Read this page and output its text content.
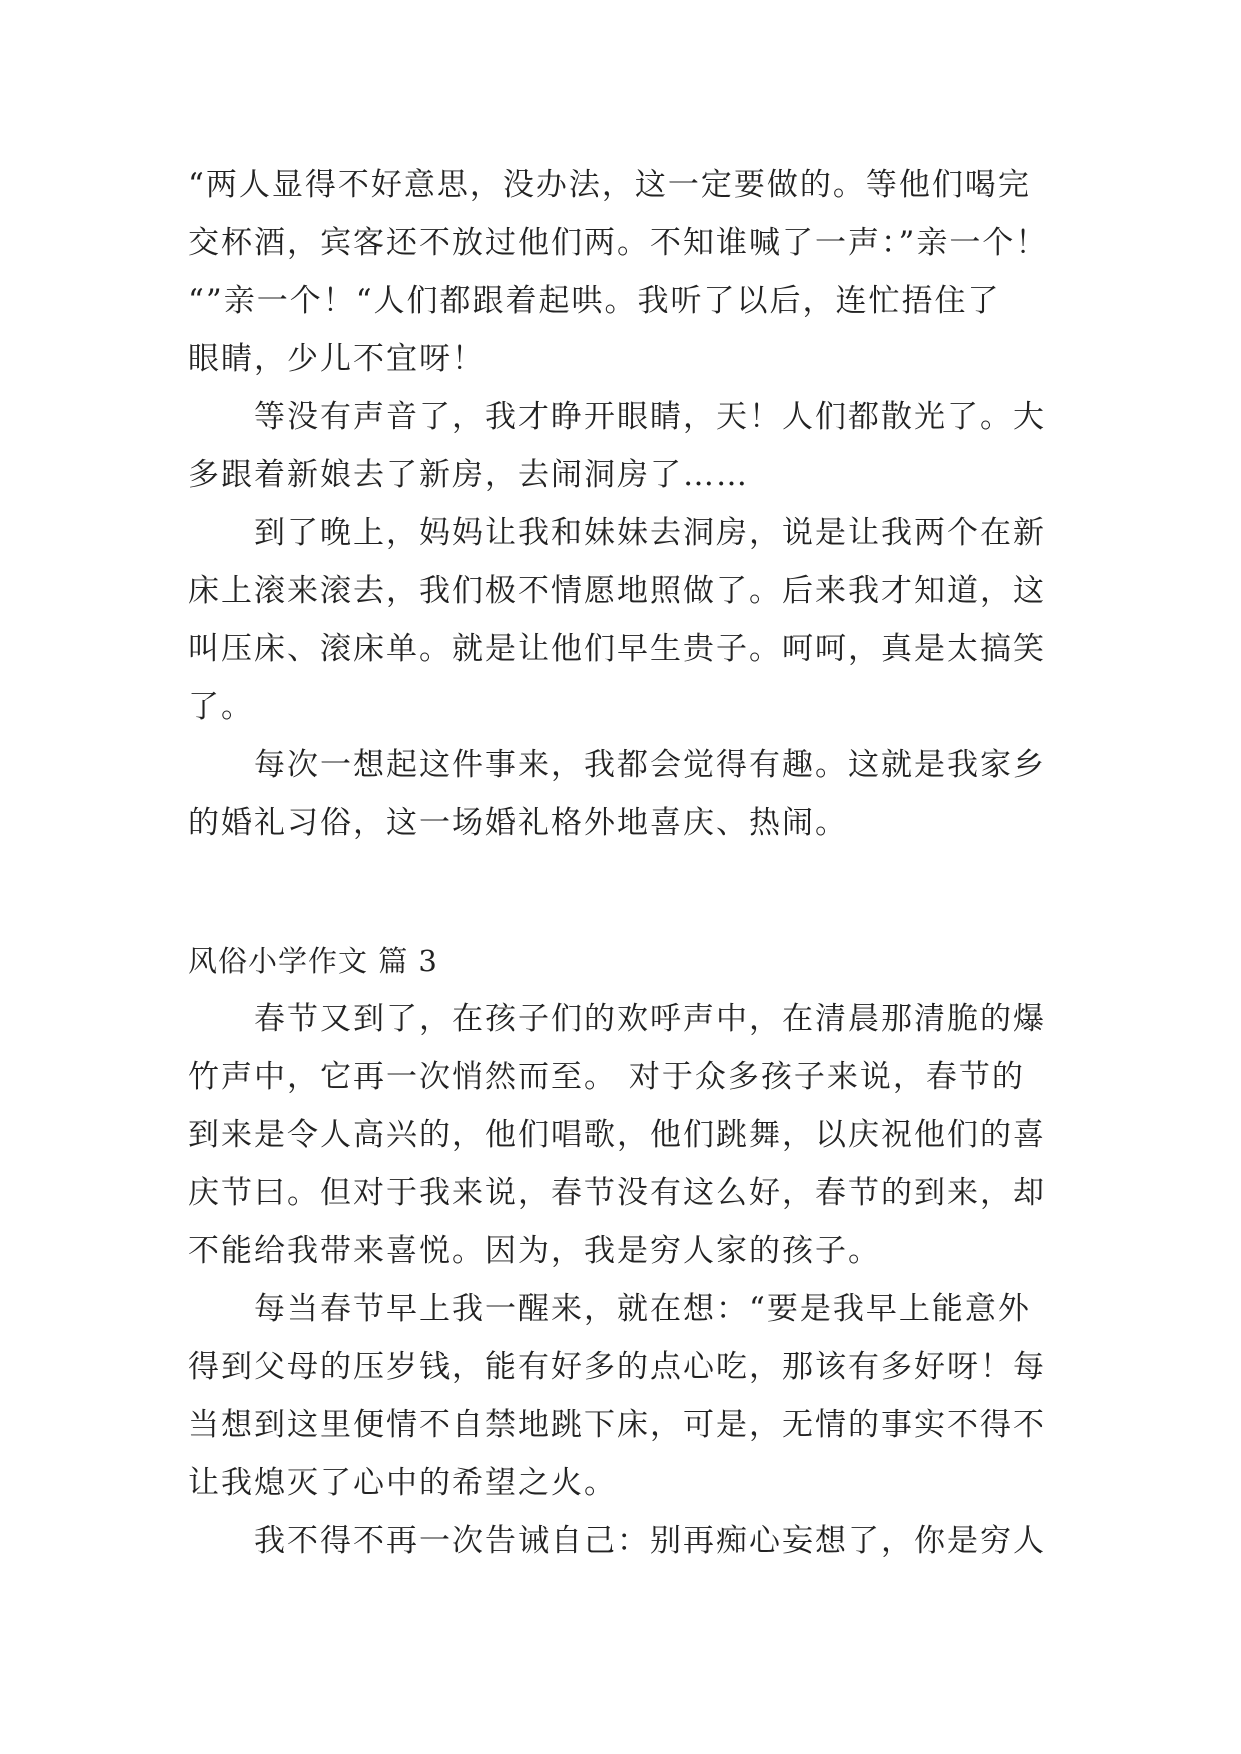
“两人显得不好意思，没办法，这一定要做的。等他们喝完
交杯酒，宾客还不放过他们两。不知谁喊了一声：”亲一个！
“”亲一个！“人们都跟着起哄。我听了以后，连忙捂住了
眼睛，少儿不宜呀！
等没有声音了，我才睁开眼睛，天！人们都散光了。大
多跟着新娘去了新房，去闹洞房了……
到了晚上，妈妈让我和妹妹去洞房，说是让我两个在新
床上滚来滚去，我们极不情愿地照做了。后来我才知道，这
叫压床、滚床单。就是让他们早生贵子。呵呵，真是太搞笑
了。
每次一想起这件事来，我都会觉得有趣。这就是我家乡
的婚礼习俗，这一场婚礼格外地喜庆、热闹。
风俗小学作文 篇 3
春节又到了，在孩子们的欢呼声中，在清晨那清脆的爆
竹声中，它再一次悄然而至。 对于众多孩子来说，春节的
到来是令人高兴的，他们唱歌，他们跳舞，以庆祝他们的喜
庆节曰。但对于我来说，春节没有这么好，春节的到来，却
不能给我带来喜悦。因为，我是穷人家的孩子。
每当春节早上我一醒来，就在想：“要是我早上能意外
得到父母的压岁钱，能有好多的点心吃，那该有多好呀！每
当想到这里便情不自禁地跳下床，可是，无情的事实不得不
让我熄灭了心中的希望之火。
我不得不再一次告诫自己：别再痴心妄想了，你是穷人
